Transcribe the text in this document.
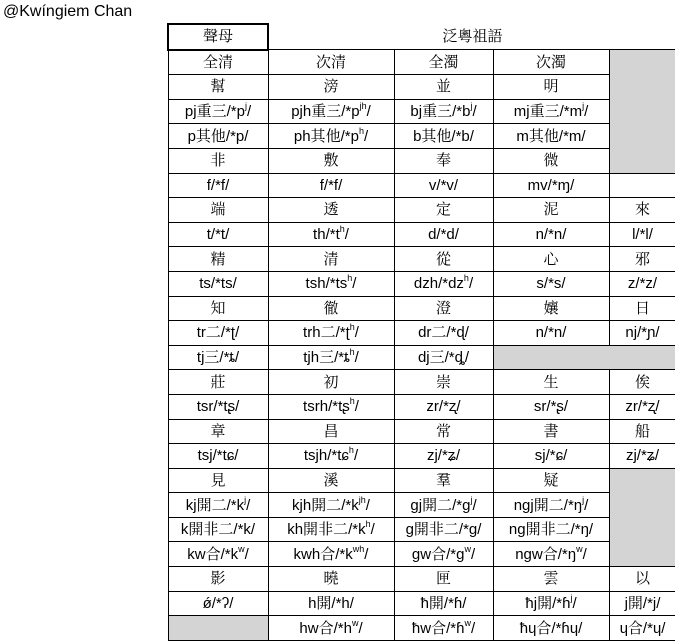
@Kwíngiem Chan
聲母	泛粵祖語			
全清	次清	全濁	次濁	
幫	滂	並	明	
pj重三$/*p^j/$	pjh重三$/*p^{jh}/$	bj重三$/*b^j/$	mj重三$/*m^j/$	
p其他/*p/	ph其他$/*p^h/$	b其他/*b/	m其他/*m/	
非	敷	奉	微	
f/*f/	f/*f/	v/*v/	mv/*ɱ/	
端	透	定	泥	來
t/*t/	$th/*t^h/$	d/*d/	n/*n/	l/*l/
精	清	從	心	邪
ts/*ts/	tsh/$*ts^h/$	dzh/$*dz^h/$	s/*s/	z/*z/
知	徹	澄	孃	日
tr二/*ʈ/	trh二/*ʈ$^h$/	dr二/*ɖ/	n/*n/	nj/*ɲ/
tj三/*ȶ/	tjh三$/*ȶ^h/$	dj三/*ȡ/		
莊	初	崇	生	俟
tsr/*tʂ/	tsrh/*tʂ$^h$/	zr/*ʐ/	sr/*ʂ/	zr/*ʐ/
章	昌	常	書	船
tsj/*tɕ/	tsjh/*tɕ$^h$/	zj/*ʑ/	sj/*ɕ/	zj/*ʑ/
見	溪	羣	疑	
kj開二$/*k^j/$	kjh開二$/*k^{jh}/$	gj開二$/*g^j/$	ngj開二$/*ŋ^j/$	
k開非二/*k/	kh開非二$/*k^h/$	g開非二/*g/	ng開非二/*ŋ/	
kw合$/*k^w/$	kwh合$/*k^{wh}/$	gw合$/*g^w/$	ngw合$/*ŋ^w/$	
影	曉	匣	雲	以
ǿ/*ʔ/	h開/*h/	ħ開/*ɦ/	ħj開/*ɦ$^j$/	j開/*j/
	hw合$/*h^w/$	ħw合/*ɦ$^w$/	ħɥ合/*ɦɥ/	ɥ合/*ɥ/
